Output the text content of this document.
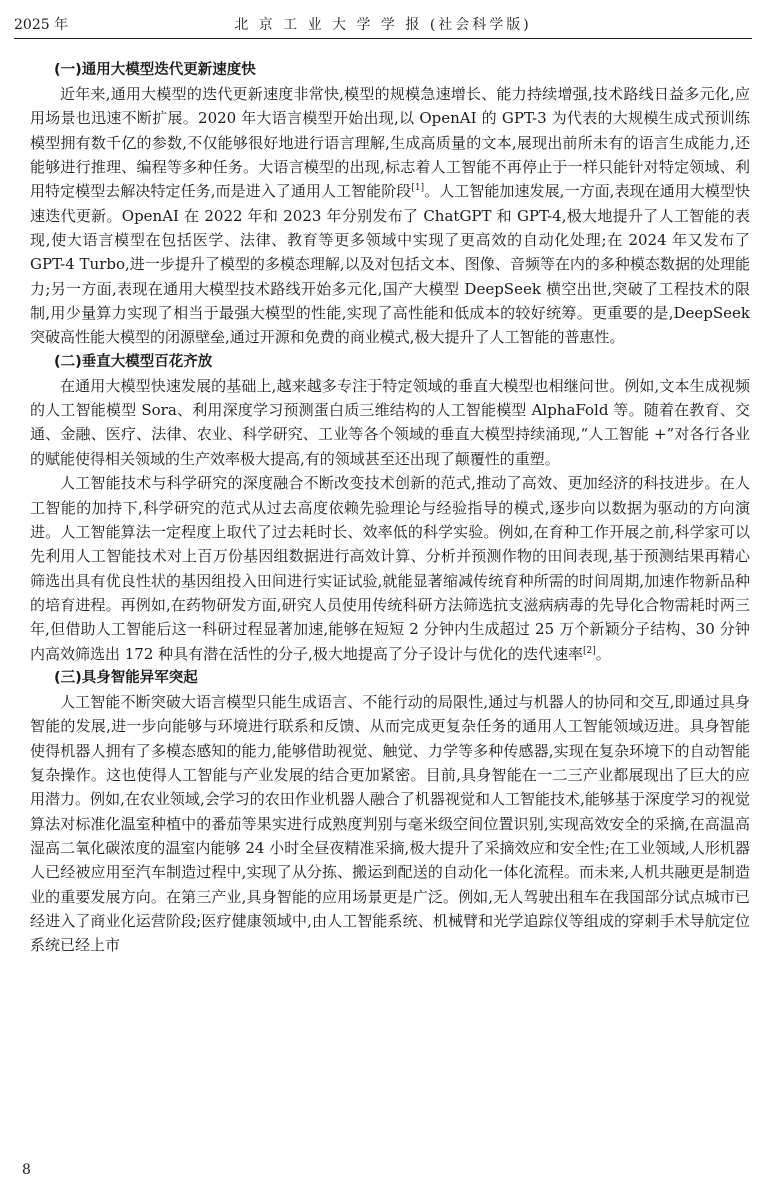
2025 年	北 京 工 业 大 学 学 报 (社会科学版)
(一)通用大模型迭代更新速度快

近年来,通用大模型的迭代更新速度非常快,模型的规模急速增长、能力持续增强,技术路线日益多元化,应用场景也迅速不断扩展。2020 年大语言模型开始出现,以 OpenAI 的 GPT-3 为代表的大规模生成式预训练模型拥有数千亿的参数,不仅能够很好地进行语言理解,生成高质量的文本,展现出前所未有的语言生成能力,还能够进行推理、编程等多种任务。大语言模型的出现,标志着人工智能不再停止于一样只能针对特定领域、利用特定模型去解决特定任务,而是进入了通用人工智能阶段[1]。人工智能加速发展,一方面,表现在通用大模型快速迭代更新。OpenAI 在 2022 年和 2023 年分别发布了 ChatGPT 和 GPT-4,极大地提升了人工智能的表现,使大语言模型在包括医学、法律、教育等更多领域中实现了更高效的自动化处理;在 2024 年又发布了 GPT-4 Turbo,进一步提升了模型的多模态理解,以及对包括文本、图像、音频等在内的多种模态数据的处理能力;另一方面,表现在通用大模型技术路线开始多元化,国产大模型 DeepSeek 横空出世,突破了工程技术的限制,用少量算力实现了相当于最强大模型的性能,实现了高性能和低成本的较好统筹。更重要的是,DeepSeek 突破高性能大模型的闭源壁垒,通过开源和免费的商业模式,极大提升了人工智能的普惠性。

(二)垂直大模型百花齐放

在通用大模型快速发展的基础上,越来越多专注于特定领域的垂直大模型也相继问世。例如,文本生成视频的人工智能模型 Sora、利用深度学习预测蛋白质三维结构的人工智能模型 AlphaFold 等。随着在教育、交通、金融、医疗、法律、农业、科学研究、工业等各个领域的垂直大模型持续涌现,“人工智能 +”对各行各业的赋能使得相关领域的生产效率极大提高,有的领域甚至还出现了颠覆性的重塑。

人工智能技术与科学研究的深度融合不断改变技术创新的范式,推动了高效、更加经济的科技进步。在人工智能的加持下,科学研究的范式从过去高度依赖先验理论与经验指导的模式,逐步向以数据为驱动的方向演进。人工智能算法一定程度上取代了过去耗时长、效率低的科学实验。例如,在育种工作开展之前,科学家可以先利用人工智能技术对上百万份基因组数据进行高效计算、分析并预测作物的田间表现,基于预测结果再精心筛选出具有优良性状的基因组投入田间进行实证试验,就能显著缩减传统育种所需的时间周期,加速作物新品种的培育进程。再例如,在药物研发方面,研究人员使用传统科研方法筛选抗支滋病病毒的先导化合物需耗时两三年,但借助人工智能后这一科研过程显著加速,能够在短短 2 分钟内生成超过 25 万个新颖分子结构、30 分钟内高效筛选出 172 种具有潜在活性的分子,极大地提高了分子设计与优化的迭代速率[2]。

(三)具身智能异军突起

人工智能不断突破大语言模型只能生成语言、不能行动的局限性,通过与机器人的协同和交互,即通过具身智能的发展,进一步向能够与环境进行联系和反馈、从而完成更复杂任务的通用人工智能领域迈进。具身智能使得机器人拥有了多模态感知的能力,能够借助视觉、触觉、力学等多种传感器,实现在复杂环境下的自动智能复杂操作。这也使得人工智能与产业发展的结合更加紧密。目前,具身智能在一二三产业都展现出了巨大的应用潜力。例如,在农业领域,会学习的农田作业机器人融合了机器视觉和人工智能技术,能够基于深度学习的视觉算法对标准化温室种植中的番茄等果实进行成熟度判别与毫米级空间位置识别,实现高效安全的采摘,在高温高湿高二氧化碳浓度的温室内能够 24 小时全昼夜精准采摘,极大提升了采摘效应和安全性;在工业领域,人形机器人已经被应用至汽车制造过程中,实现了从分拣、搬运到配送的自动化一体化流程。而未来,人机共融更是制造业的重要发展方向。在第三产业,具身智能的应用场景更是广泛。例如,无人驾驶出租车在我国部分试点城市已经进入了商业化运营阶段;医疗健康领域中,由人工智能系统、机械臂和光学追踪仪等组成的穿刺手术导航定位系统已经上市

8
